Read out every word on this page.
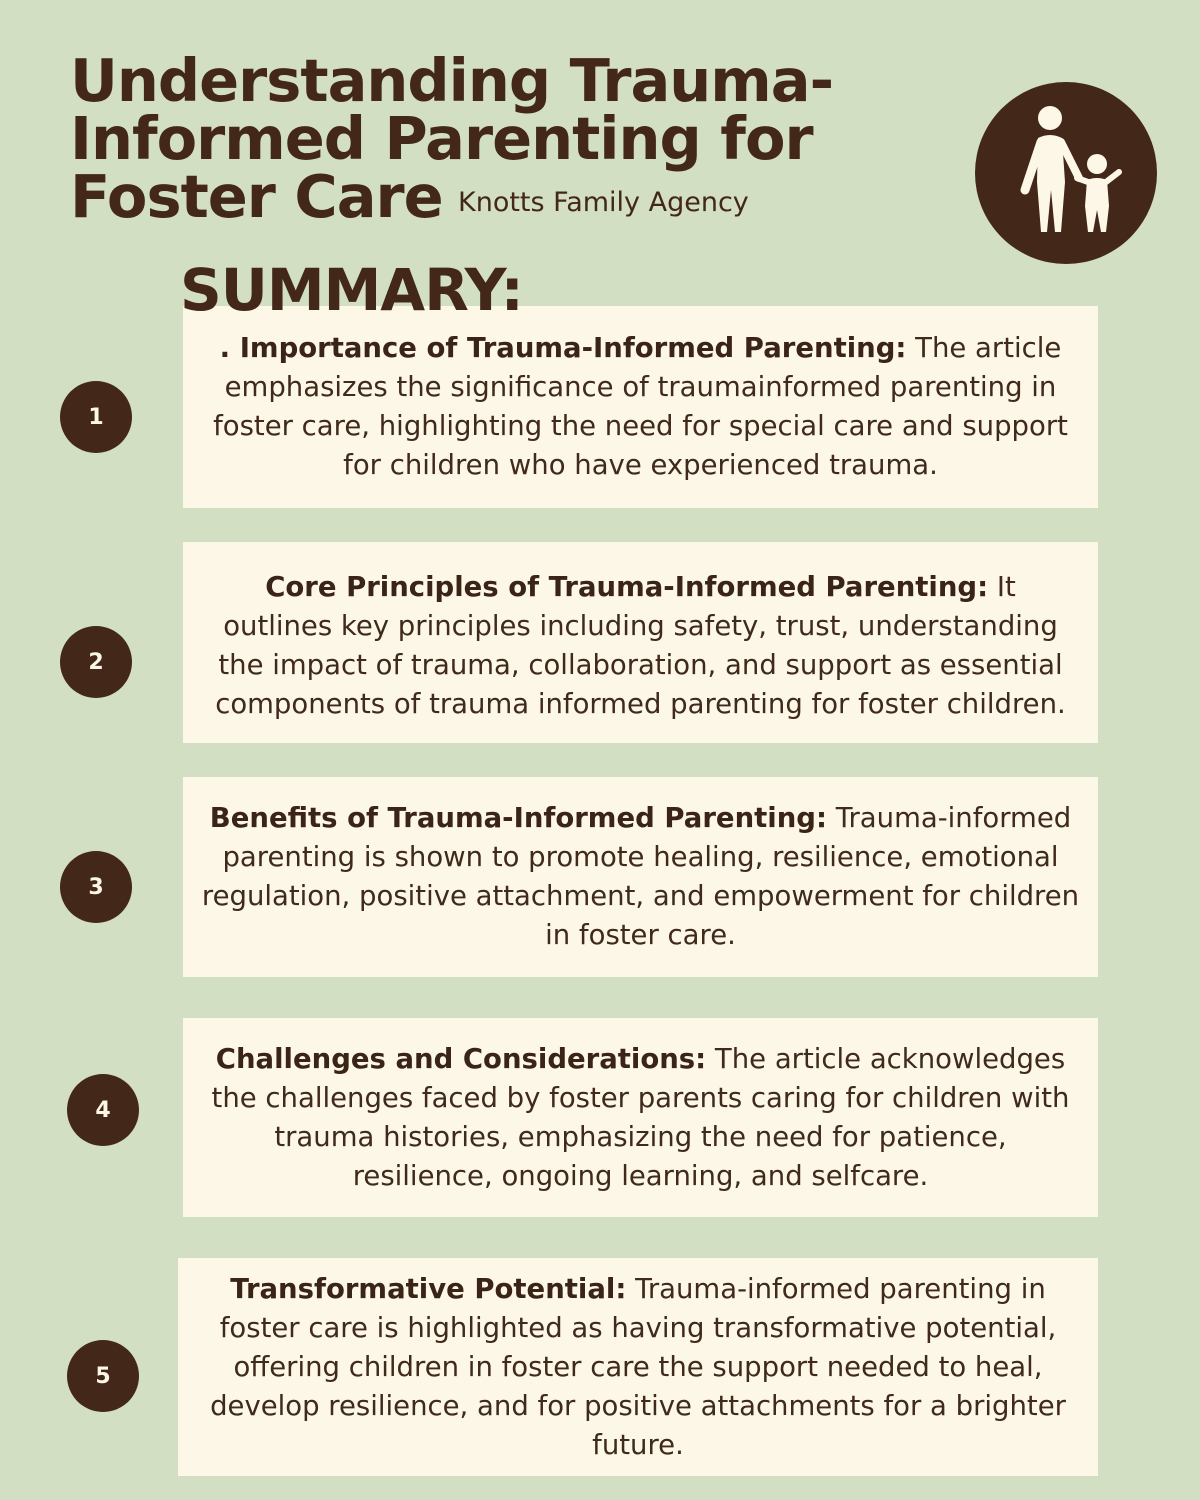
Understanding Trauma-
Informed Parenting for
Foster Care Knotts Family Agency
SUMMARY:
1
. Importance of Trauma-Informed Parenting: The article emphasizes the significance of traumainformed parenting in foster care, highlighting the need for special care and support for children who have experienced trauma.
2
Core Principles of Trauma-Informed Parenting: It outlines key principles including safety, trust, understanding the impact of trauma, collaboration, and support as essential components of trauma informed parenting for foster children.
3
Benefits of Trauma-Informed Parenting: Trauma-informed parenting is shown to promote healing, resilience, emotional regulation, positive attachment, and empowerment for children in foster care.
4
Challenges and Considerations: The article acknowledges the challenges faced by foster parents caring for children with trauma histories, emphasizing the need for patience, resilience, ongoing learning, and selfcare.
5
Transformative Potential: Trauma-informed parenting in foster care is highlighted as having transformative potential, offering children in foster care the support needed to heal, develop resilience, and for positive attachments for a brighter future.
